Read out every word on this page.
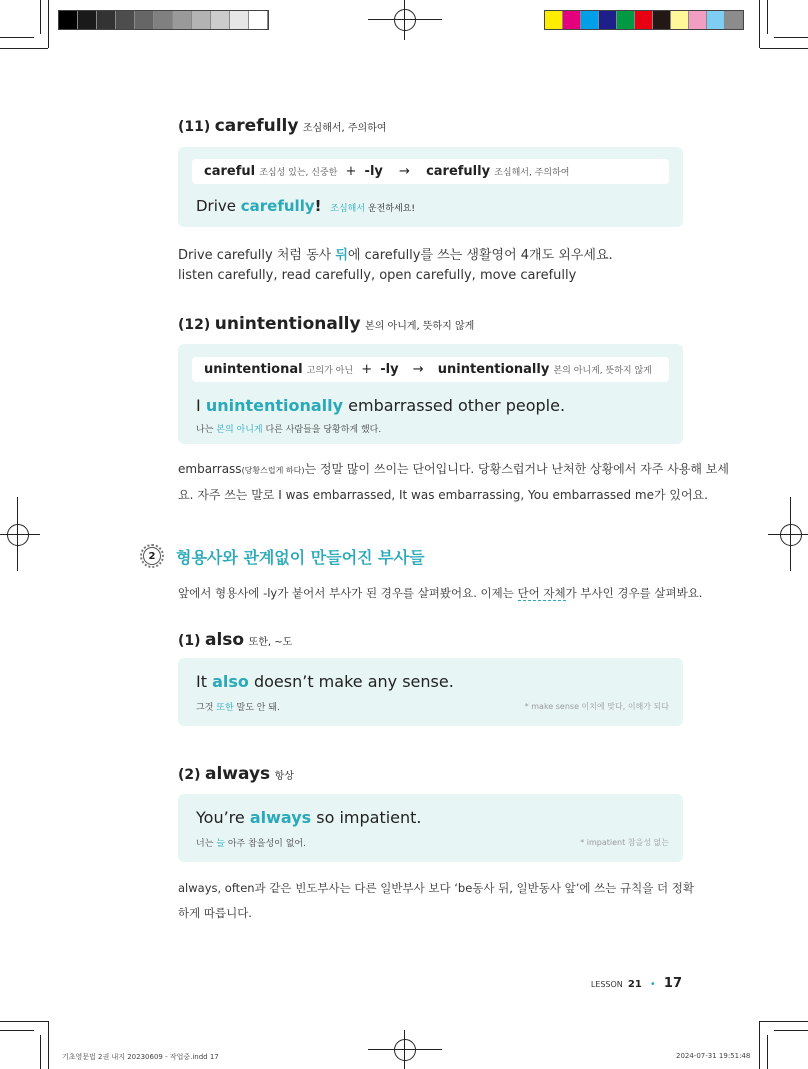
(11) carefully 조심해서, 주의하여
careful 조심성 있는, 신중한 + -ly → carefully 조심해서, 주의하여
Drive carefully! 조심해서 운전하세요!
Drive carefully 처럼 동사 뒤에 carefully를 쓰는 생활영어 4개도 외우세요.
listen carefully, read carefully, open carefully, move carefully
(12) unintentionally 본의 아니게, 뜻하지 않게
unintentional 고의가 아닌 + -ly → unintentionally 본의 아니게, 뜻하지 않게
I unintentionally embarrassed other people.
나는 본의 아니게 다른 사람들을 당황하게 했다.
embarrass(당황스럽게 하다)는 정말 많이 쓰이는 단어입니다. 당황스럽거나 난처한 상황에서 자주 사용해 보세
요. 자주 쓰는 말로 I was embarrassed, It was embarrassing, You embarrassed me가 있어요.
2	형용사와 관계없이 만들어진 부사들
앞에서 형용사에 -ly가 붙어서 부사가 된 경우를 살펴봤어요. 이제는 단어 자체가 부사인 경우를 살펴봐요.
(1) also 또한, ~도
It also doesn’t make any sense.
그것 또한 말도 안 돼.	* make sense 이치에 맞다, 이해가 되다
(2) always 항상
You’re always so impatient.
너는 늘 아주 참을성이 없어.	* impatient 참을성 없는
always, often과 같은 빈도부사는 다른 일반부사 보다 ‘be동사 뒤, 일반동사 앞’에 쓰는 규칙을 더 정확
하게 따릅니다.
LESSON 21 • 17
기초영문법 2권 내지 20230609 - 작업중.indd 17	2024-07-31 19:51:48
